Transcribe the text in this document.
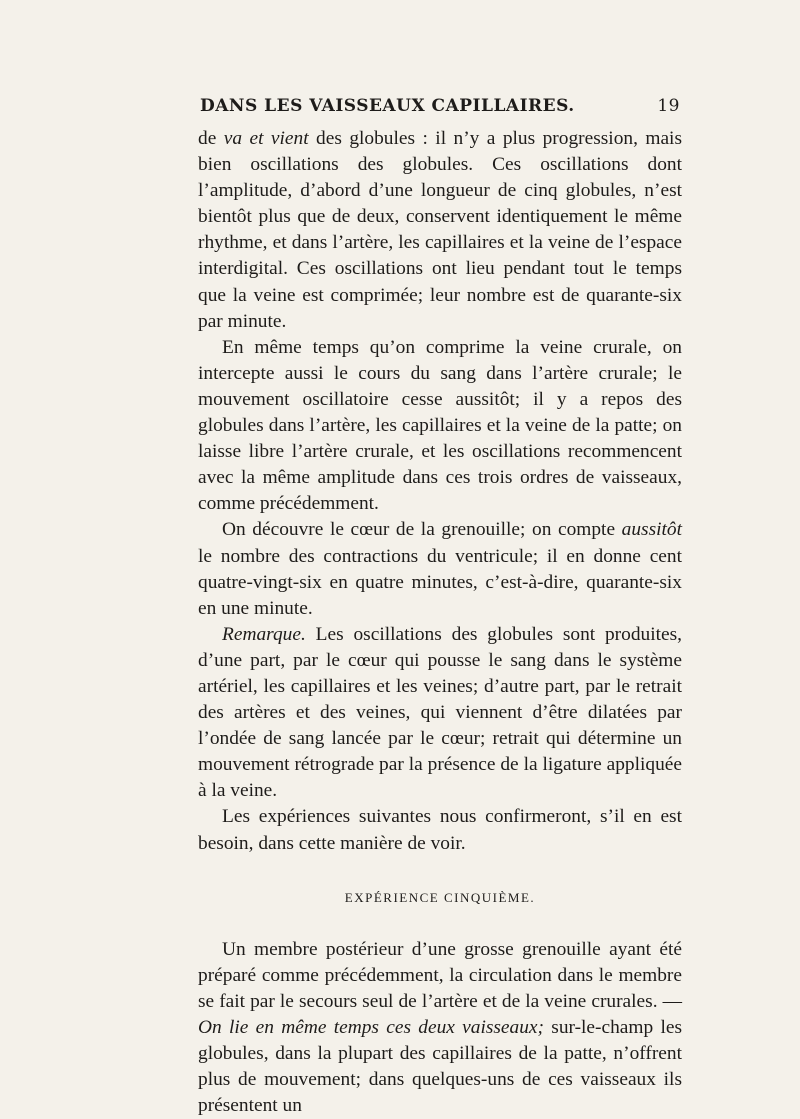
DANS LES VAISSEAUX CAPILLAIRES.	19

de va et vient des globules : il n’y a plus progression, mais bien oscillations des globules. Ces oscillations dont l’amplitude, d’abord d’une longueur de cinq globules, n’est bientôt plus que de deux, conservent identiquement le même rhythme, et dans l’artère, les capillaires et la veine de l’espace interdigital. Ces oscillations ont lieu pendant tout le temps que la veine est comprimée; leur nombre est de quarante-six par minute.

En même temps qu’on comprime la veine crurale, on intercepte aussi le cours du sang dans l’artère crurale; le mouvement oscillatoire cesse aussitôt; il y a repos des globules dans l’artère, les capillaires et la veine de la patte; on laisse libre l’artère crurale, et les oscillations recommencent avec la même amplitude dans ces trois ordres de vaisseaux, comme précédemment.

On découvre le cœur de la grenouille; on compte aussitôt le nombre des contractions du ventricule; il en donne cent quatre-vingt-six en quatre minutes, c’est-à-dire, quarante-six en une minute.

Remarque. Les oscillations des globules sont produites, d’une part, par le cœur qui pousse le sang dans le système artériel, les capillaires et les veines; d’autre part, par le retrait des artères et des veines, qui viennent d’être dilatées par l’ondée de sang lancée par le cœur; retrait qui détermine un mouvement rétrograde par la présence de la ligature appliquée à la veine.

Les expériences suivantes nous confirmeront, s’il en est besoin, dans cette manière de voir.

EXPÉRIENCE CINQUIÈME.

Un membre postérieur d’une grosse grenouille ayant été préparé comme précédemment, la circulation dans le membre se fait par le secours seul de l’artère et de la veine crurales. — On lie en même temps ces deux vaisseaux; sur-le-champ les globules, dans la plupart des capillaires de la patte, n’offrent plus de mouvement; dans quelques-uns de ces vaisseaux ils présentent un
